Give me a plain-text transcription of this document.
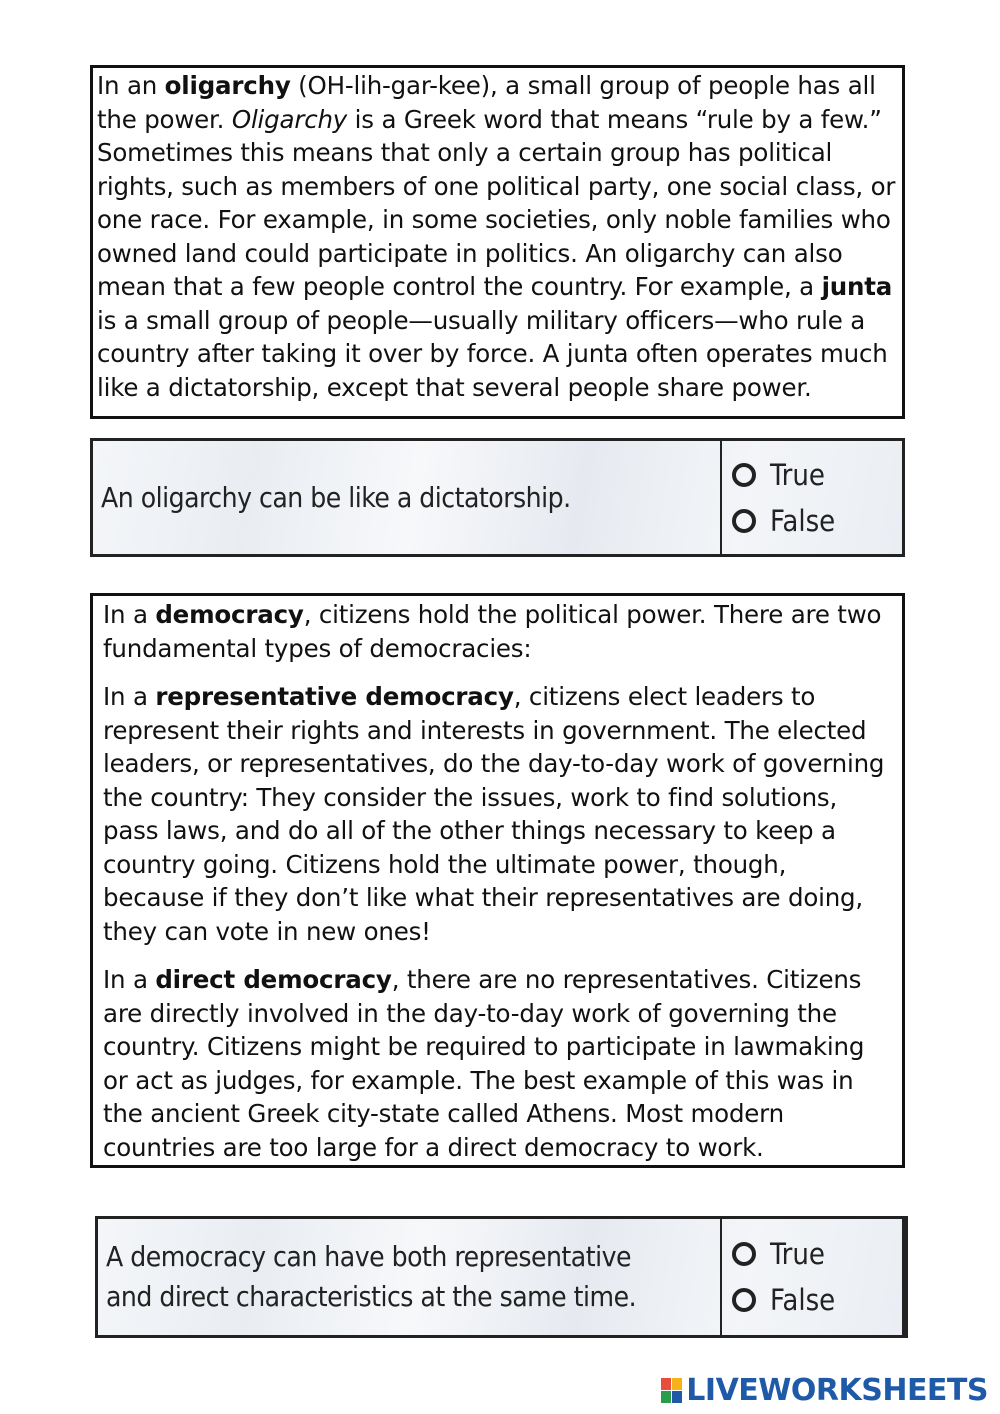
In an oligarchy (OH-lih-gar-kee), a small group of people has all the power. Oligarchy is a Greek word that means “rule by a few.” Sometimes this means that only a certain group has political rights, such as members of one political party, one social class, or one race. For example, in some societies, only noble families who owned land could participate in politics. An oligarchy can also mean that a few people control the country. For example, a junta is a small group of people—usually military officers—who rule a country after taking it over by force. A junta often operates much like a dictatorship, except that several people share power.

An oligarchy can be like a dictatorship.
True
False

In a democracy, citizens hold the political power. There are two fundamental types of democracies:

In a representative democracy, citizens elect leaders to represent their rights and interests in government. The elected leaders, or representatives, do the day-to-day work of governing the country: They consider the issues, work to find solutions, pass laws, and do all of the other things necessary to keep a country going. Citizens hold the ultimate power, though, because if they don’t like what their representatives are doing, they can vote in new ones!

In a direct democracy, there are no representatives. Citizens are directly involved in the day-to-day work of governing the country. Citizens might be required to participate in lawmaking or act as judges, for example. The best example of this was in the ancient Greek city-state called Athens. Most modern countries are too large for a direct democracy to work.

A democracy can have both representative and direct characteristics at the same time.
True
False
LIVEWORKSHEETS
